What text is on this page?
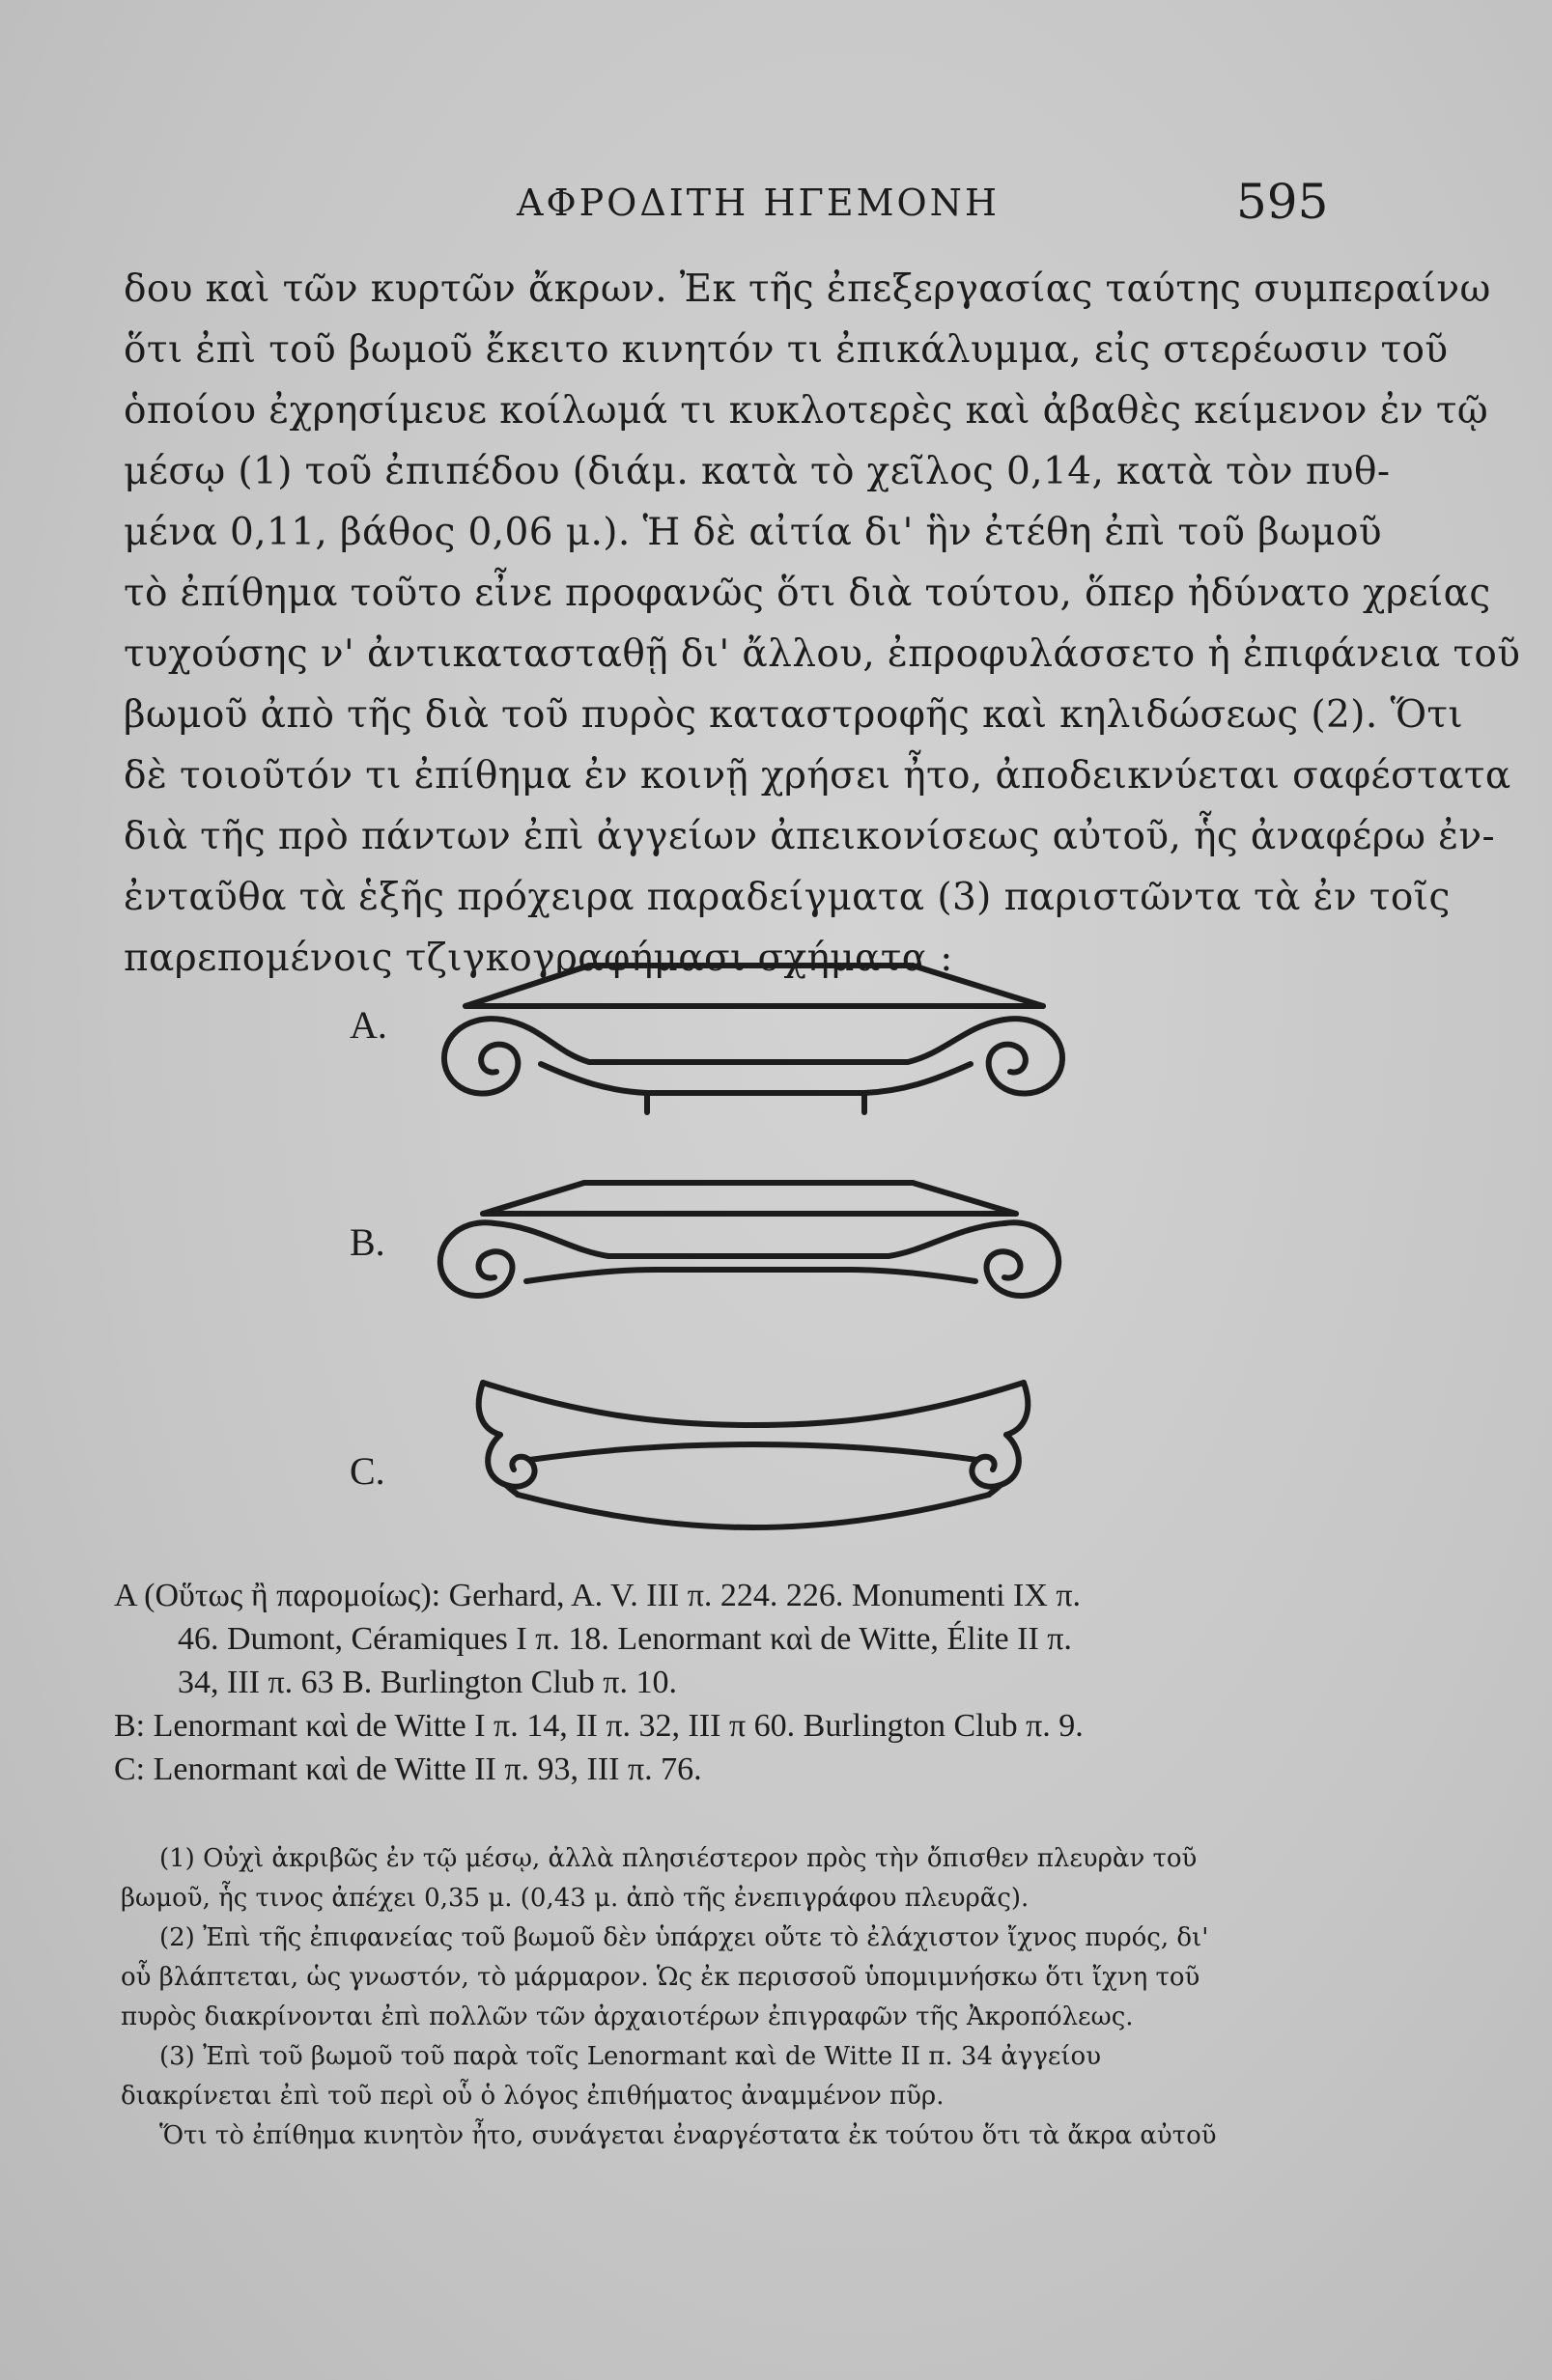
ΑΦΡΟΔΙΤΗ ΗΓΕΜΟΝΗ	595
δου καὶ τῶν κυρτῶν ἄκρων. Ἐκ τῆς ἐπεξεργασίας ταύτης συμπεραίνω
ὅτι ἐπὶ τοῦ βωμοῦ ἔκειτο κινητόν τι ἐπικάλυμμα, εἰς στερέωσιν τοῦ
ὁποίου ἐχρησίμευε κοίλωμά τι κυκλοτερὲς καὶ ἀβαθὲς κείμενον ἐν τῷ
μέσῳ (1) τοῦ ἐπιπέδου (διάμ. κατὰ τὸ χεῖλος 0,14, κατὰ τὸν πυθ-
μένα 0,11, βάθος 0,06 μ.). Ἡ δὲ αἰτία δι' ἣν ἐτέθη ἐπὶ τοῦ βωμοῦ
τὸ ἐπίθημα τοῦτο εἶνε προφανῶς ὅτι διὰ τούτου, ὅπερ ἠδύνατο χρείας
τυχούσης ν' ἀντικατασταθῇ δι' ἄλλου, ἐπροφυλάσσετο ἡ ἐπιφάνεια τοῦ
βωμοῦ ἀπὸ τῆς διὰ τοῦ πυρὸς καταστροφῆς καὶ κηλιδώσεως (2). Ὅτι
δὲ τοιοῦτόν τι ἐπίθημα ἐν κοινῇ χρήσει ἦτο, ἀποδεικνύεται σαφέστατα
διὰ τῆς πρὸ πάντων ἐπὶ ἀγγείων ἀπεικονίσεως αὐτοῦ, ἧς ἀναφέρω ἐν-
ἐνταῦθα τὰ ἑξῆς πρόχειρα παραδείγματα (3) παριστῶντα τὰ ἐν τοῖς
παρεπομένοις τζιγκογραφήμασι σχήματα :
A.
B.
C.
A (Οὕτως ἢ παρομοίως): Gerhard, A. V. III π. 224. 226. Monumenti IX π.
46. Dumont, Céramiques I π. 18. Lenormant καὶ de Witte, Élite II π.
34, III π. 63 B. Burlington Club π. 10.
B: Lenormant καὶ de Witte I π. 14, II π. 32, III π 60. Burlington Club π. 9.
C: Lenormant καὶ de Witte II π. 93, III π. 76.
(1) Οὐχὶ ἀκριβῶς ἐν τῷ μέσῳ, ἀλλὰ πλησιέστερον πρὸς τὴν ὄπισθεν πλευρὰν τοῦ
βωμοῦ, ἧς τινος ἀπέχει 0,35 μ. (0,43 μ. ἀπὸ τῆς ἐνεπιγράφου πλευρᾶς).
(2) Ἐπὶ τῆς ἐπιφανείας τοῦ βωμοῦ δὲν ὑπάρχει οὔτε τὸ ἐλάχιστον ἴχνος πυρός, δι'
οὗ βλάπτεται, ὡς γνωστόν, τὸ μάρμαρον. Ὡς ἐκ περισσοῦ ὑπομιμνήσκω ὅτι ἴχνη τοῦ
πυρὸς διακρίνονται ἐπὶ πολλῶν τῶν ἀρχαιοτέρων ἐπιγραφῶν τῆς Ἀκροπόλεως.
(3) Ἐπὶ τοῦ βωμοῦ τοῦ παρὰ τοῖς Lenormant καὶ de Witte II π. 34 ἀγγείου
διακρίνεται ἐπὶ τοῦ περὶ οὗ ὁ λόγος ἐπιθήματος ἀναμμένον πῦρ.
Ὅτι τὸ ἐπίθημα κινητὸν ἦτο, συνάγεται ἐναργέστατα ἐκ τούτου ὅτι τὰ ἄκρα αὐτοῦ
